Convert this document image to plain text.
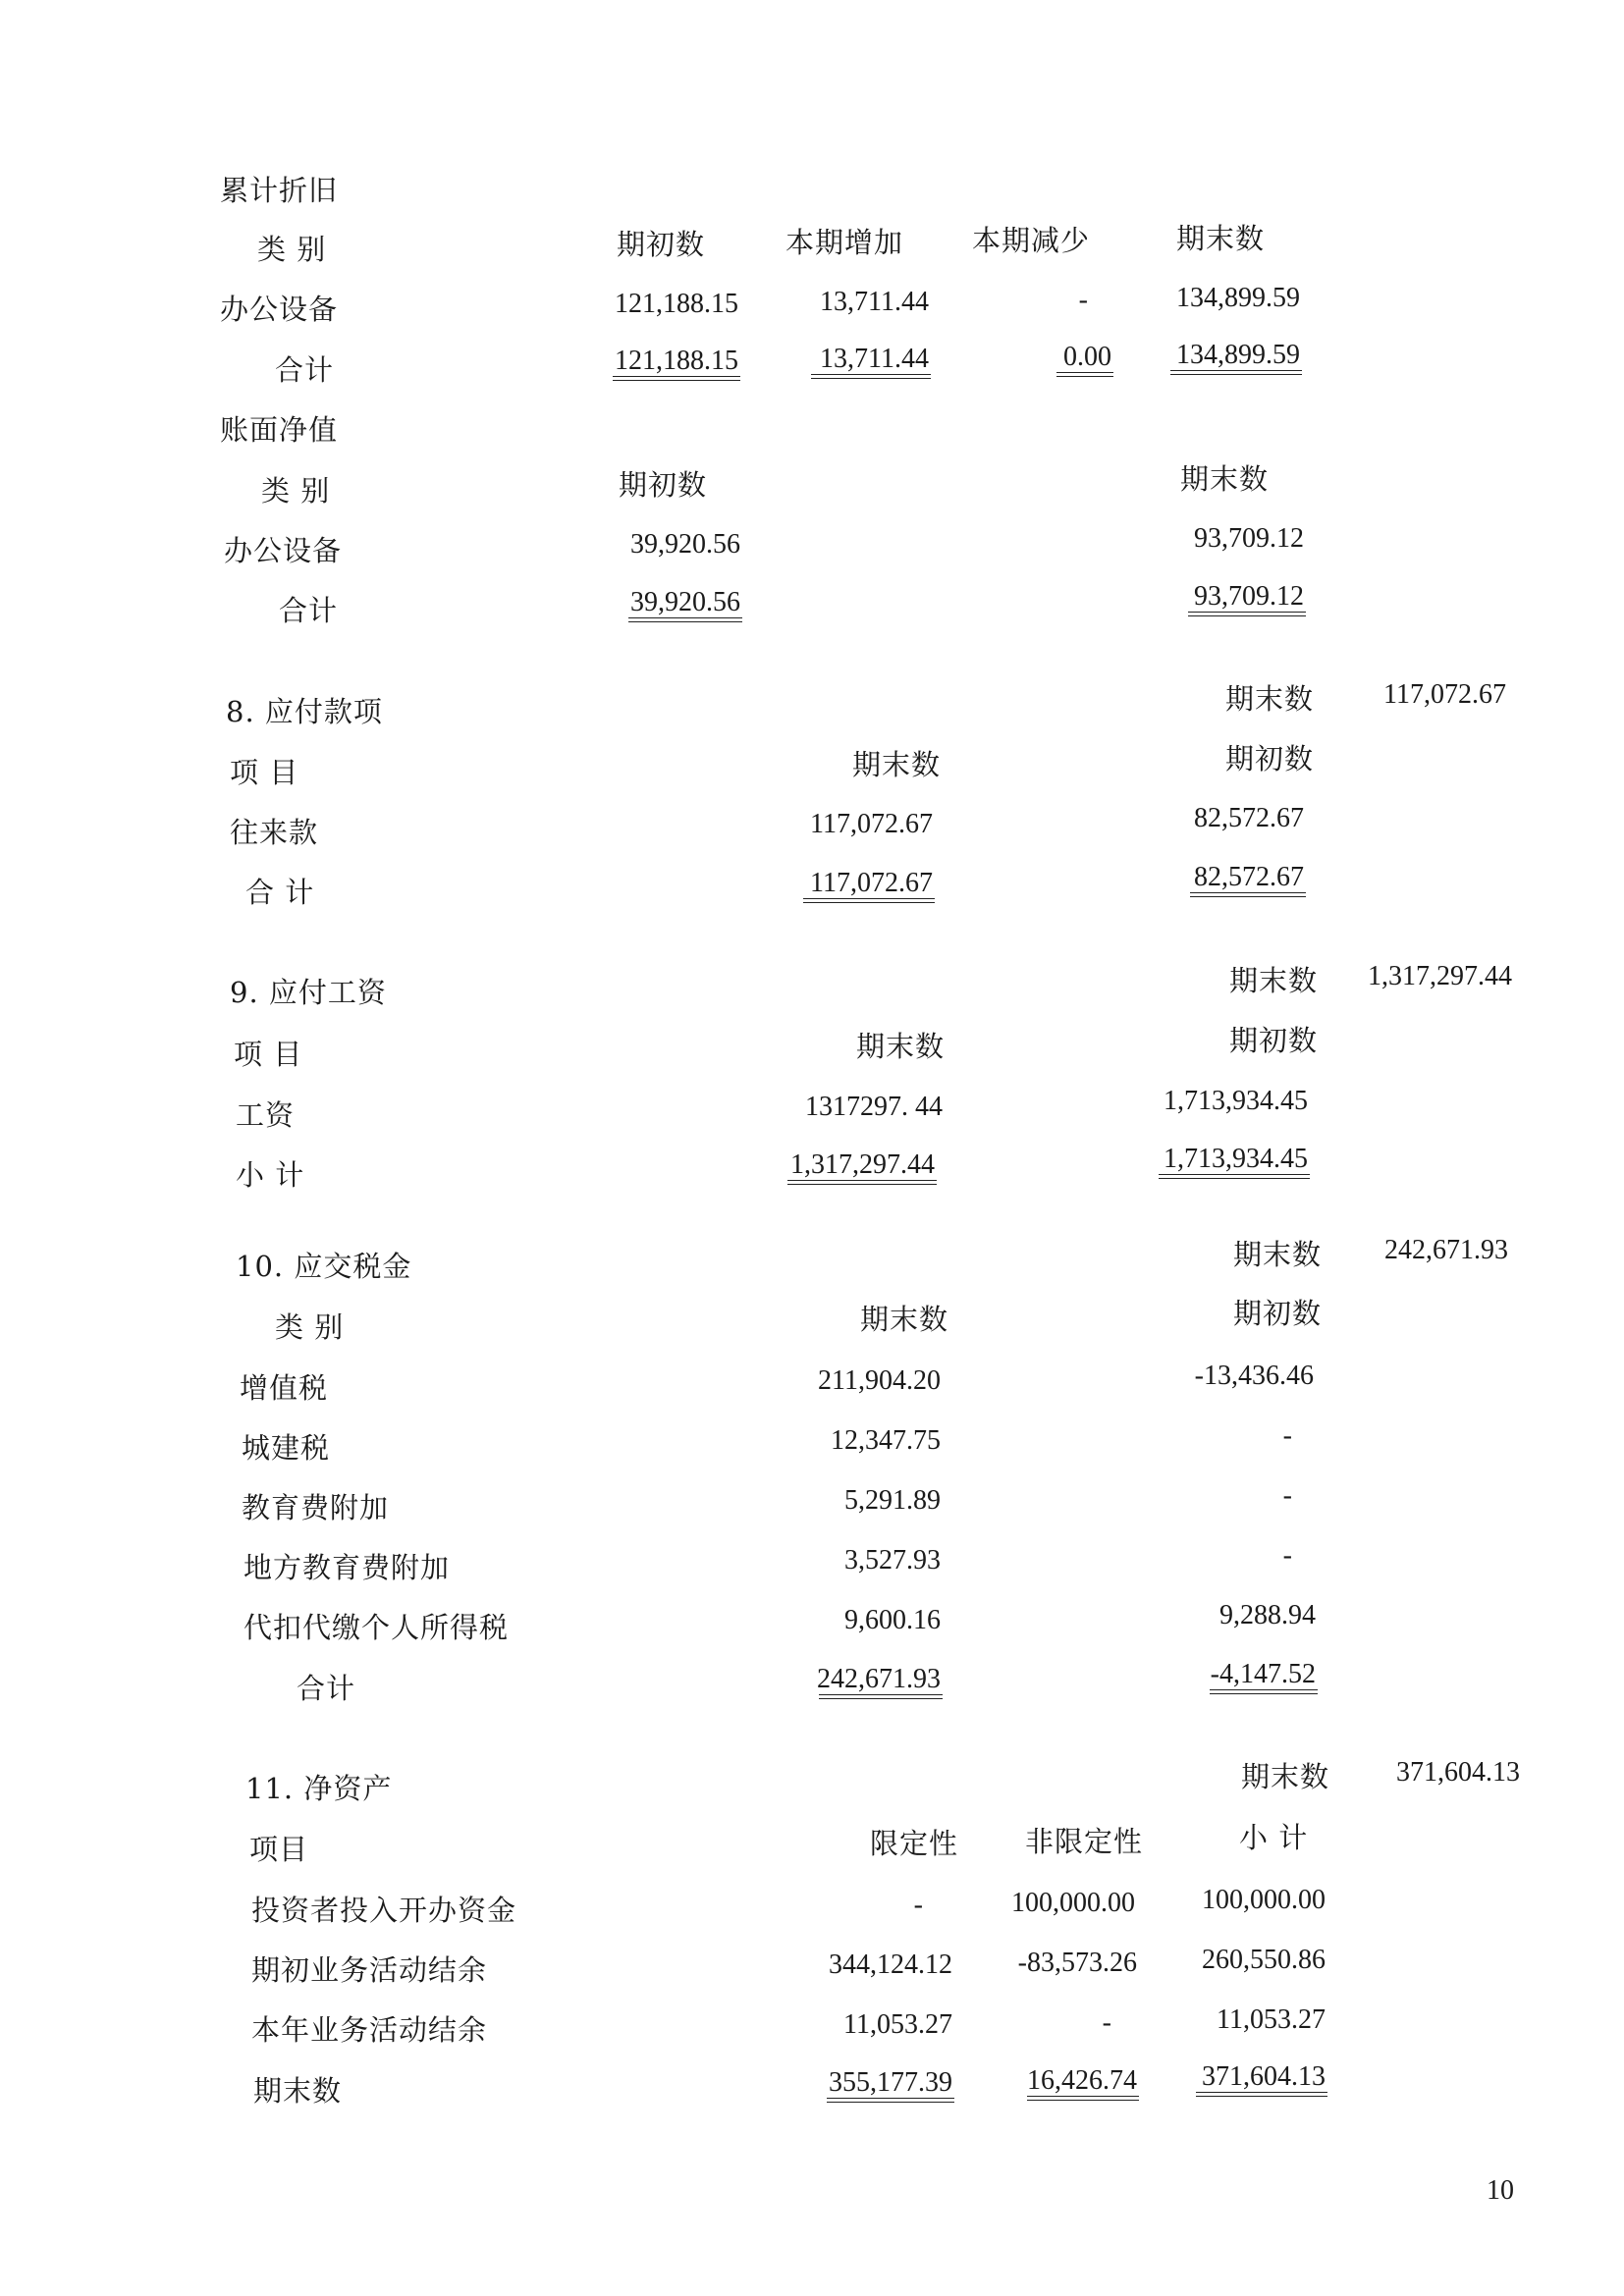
累计折旧
类 别	期初数	本期增加 本期减少	期末数
办公设备	121,188.15	13,711.44	-	134,899.59
合计	121,188.15	13,711.44	0.00	134,899.59
账面净值
类 别	期初数	期末数
办公设备	39,920.56	93,709.12
合计	39,920.56	93,709.12
8. 应付款项	期末数	117,072.67
项 目	期末数	期初数
往来款	117,072.67	82,572.67
合 计	117,072.67	82,572.67
9. 应付工资	期末数	1,317,297.44
项 目	期末数	期初数
工资	1317297. 44	1,713,934.45
小 计	1,317,297.44	1,713,934.45
10. 应交税金	期末数	242,671.93
类 别	期末数	期初数
增值税	211,904.20	-13,436.46
城建税	12,347.75	-
教育费附加	5,291.89	-
地方教育费附加	3,527.93	-
代扣代缴个人所得税	9,600.16	9,288.94
合计	242,671.93	-4,147.52
11. 净资产	期末数	371,604.13
项目	限定性 非限定性	小 计
投资者投入开办资金	-	100,000.00	100,000.00
期初业务活动结余	344,124.12	-83,573.26	260,550.86
本年业务活动结余	11,053.27	-	11,053.27
期末数	355,177.39	16,426.74	371,604.13
10
